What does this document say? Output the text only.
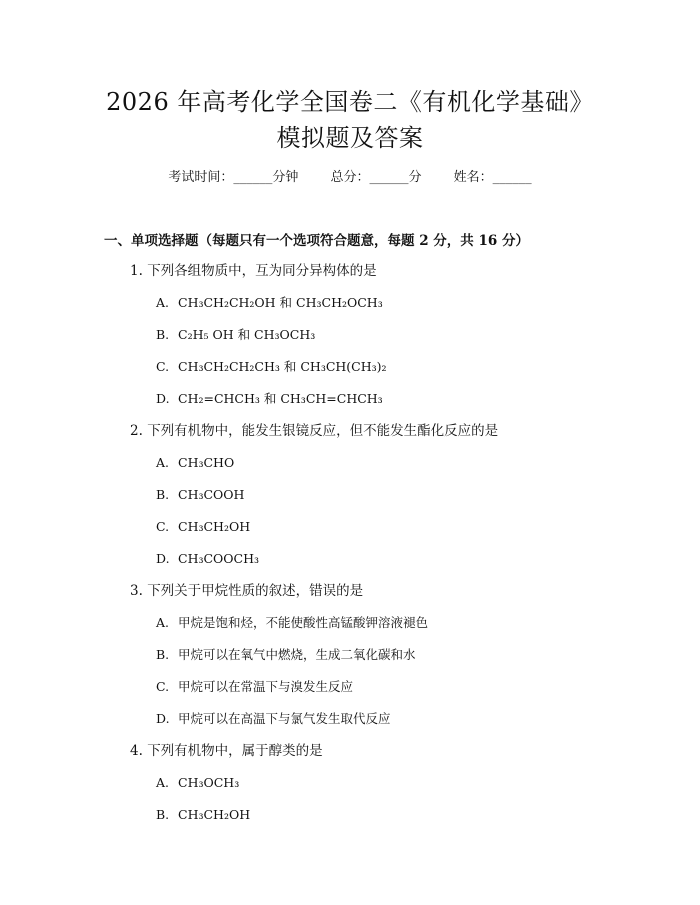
2026 年高考化学全国卷二《有机化学基础》
模拟题及答案
考试时间：______分钟 总分：______分 姓名：______
一、单项选择题（每题只有一个选项符合题意，每题 2 分，共 16 分）
1. 下列各组物质中，互为同分异构体的是
A. CH₃CH₂CH₂OH 和 CH₃CH₂OCH₃
B. C₂H₅ OH 和 CH₃OCH₃
C. CH₃CH₂CH₂CH₃ 和 CH₃CH(CH₃)₂
D. CH₂=CHCH₃ 和 CH₃CH=CHCH₃
2. 下列有机物中，能发生银镜反应，但不能发生酯化反应的是
A. CH₃CHO
B. CH₃COOH
C. CH₃CH₂OH
D. CH₃COOCH₃
3. 下列关于甲烷性质的叙述，错误的是
A. 甲烷是饱和烃，不能使酸性高锰酸钾溶液褪色
B. 甲烷可以在氧气中燃烧，生成二氧化碳和水
C. 甲烷可以在常温下与溴发生反应
D. 甲烷可以在高温下与氯气发生取代反应
4. 下列有机物中，属于醇类的是
A. CH₃OCH₃
B. CH₃CH₂OH
